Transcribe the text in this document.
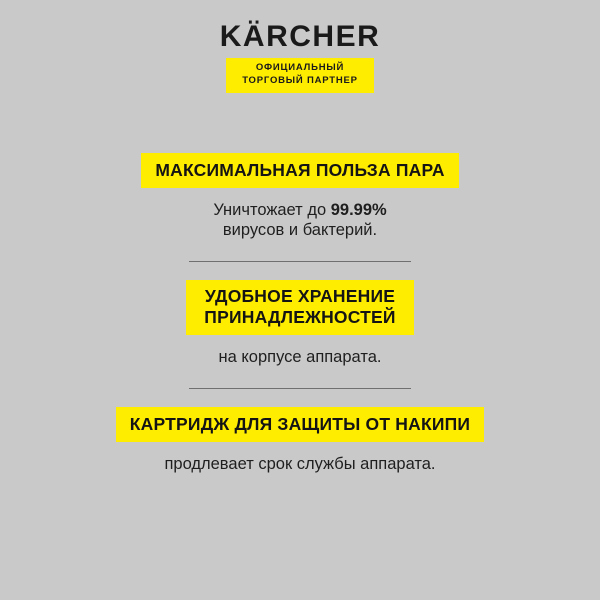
KÄRCHER
ОФИЦИАЛЬНЫЙ
ТОРГОВЫЙ ПАРТНЕР
МАКСИМАЛЬНАЯ ПОЛЬЗА ПАРА
Уничтожает до 99.99%
вирусов и бактерий.
УДОБНОЕ ХРАНЕНИЕ
ПРИНАДЛЕЖНОСТЕЙ
на корпусе аппарата.
КАРТРИДЖ ДЛЯ ЗАЩИТЫ ОТ НАКИПИ
продлевает срок службы аппарата.
